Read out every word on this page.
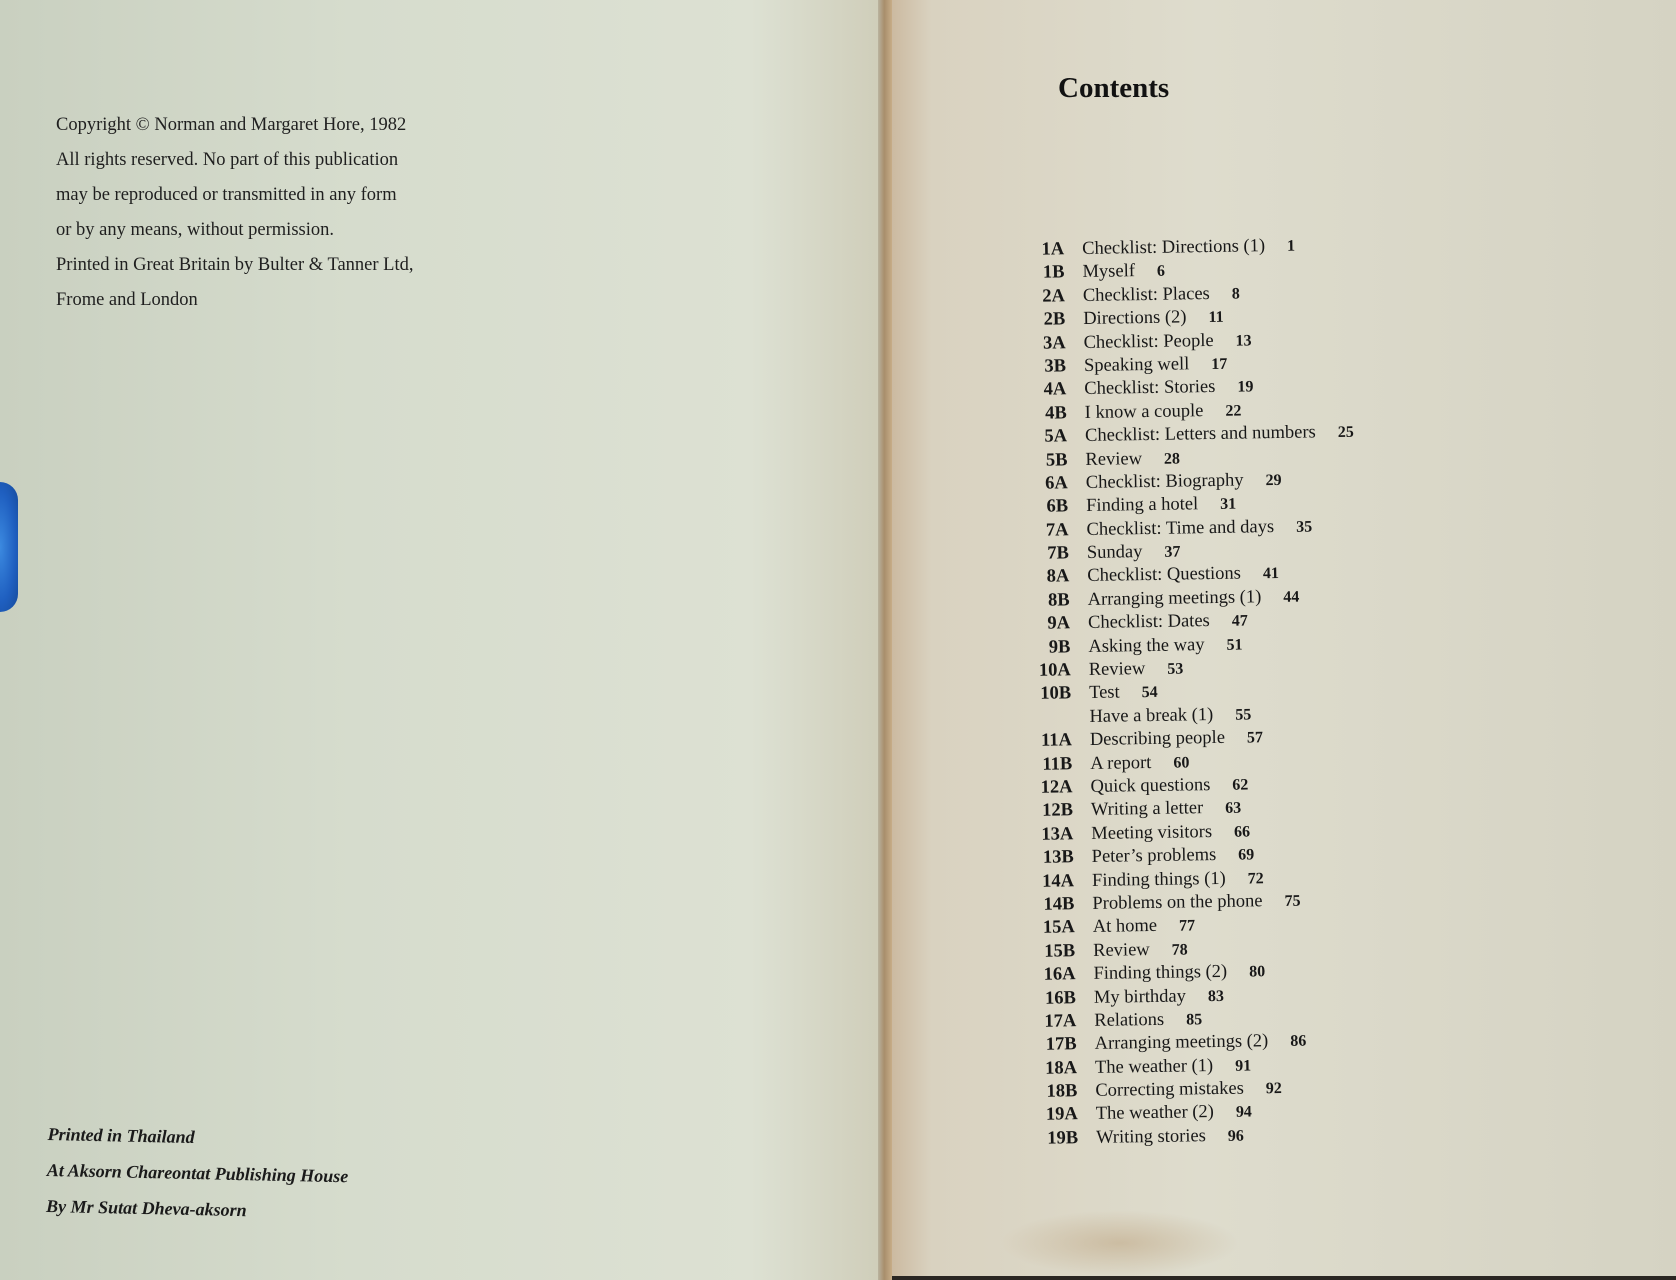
Copyright © Norman and Margaret Hore, 1982
All rights reserved. No part of this publication
may be reproduced or transmitted in any form
or by any means, without permission.
Printed in Great Britain by Bulter & Tanner Ltd,
Frome and London
Printed in Thailand
At Aksorn Chareontat Publishing House
By Mr Sutat Dheva-aksorn
Contents
1A Checklist: Directions (1) 1
1B Myself 6
2A Checklist: Places 8
2B Directions (2) 11
3A Checklist: People 13
3B Speaking well 17
4A Checklist: Stories 19
4B I know a couple 22
5A Checklist: Letters and numbers 25
5B Review 28
6A Checklist: Biography 29
6B Finding a hotel 31
7A Checklist: Time and days 35
7B Sunday 37
8A Checklist: Questions 41
8B Arranging meetings (1) 44
9A Checklist: Dates 47
9B Asking the way 51
10A Review 53
10B Test 54
Have a break (1) 55
11A Describing people 57
11B A report 60
12A Quick questions 62
12B Writing a letter 63
13A Meeting visitors 66
13B Peter’s problems 69
14A Finding things (1) 72
14B Problems on the phone 75
15A At home 77
15B Review 78
16A Finding things (2) 80
16B My birthday 83
17A Relations 85
17B Arranging meetings (2) 86
18A The weather (1) 91
18B Correcting mistakes 92
19A The weather (2) 94
19B Writing stories 96
